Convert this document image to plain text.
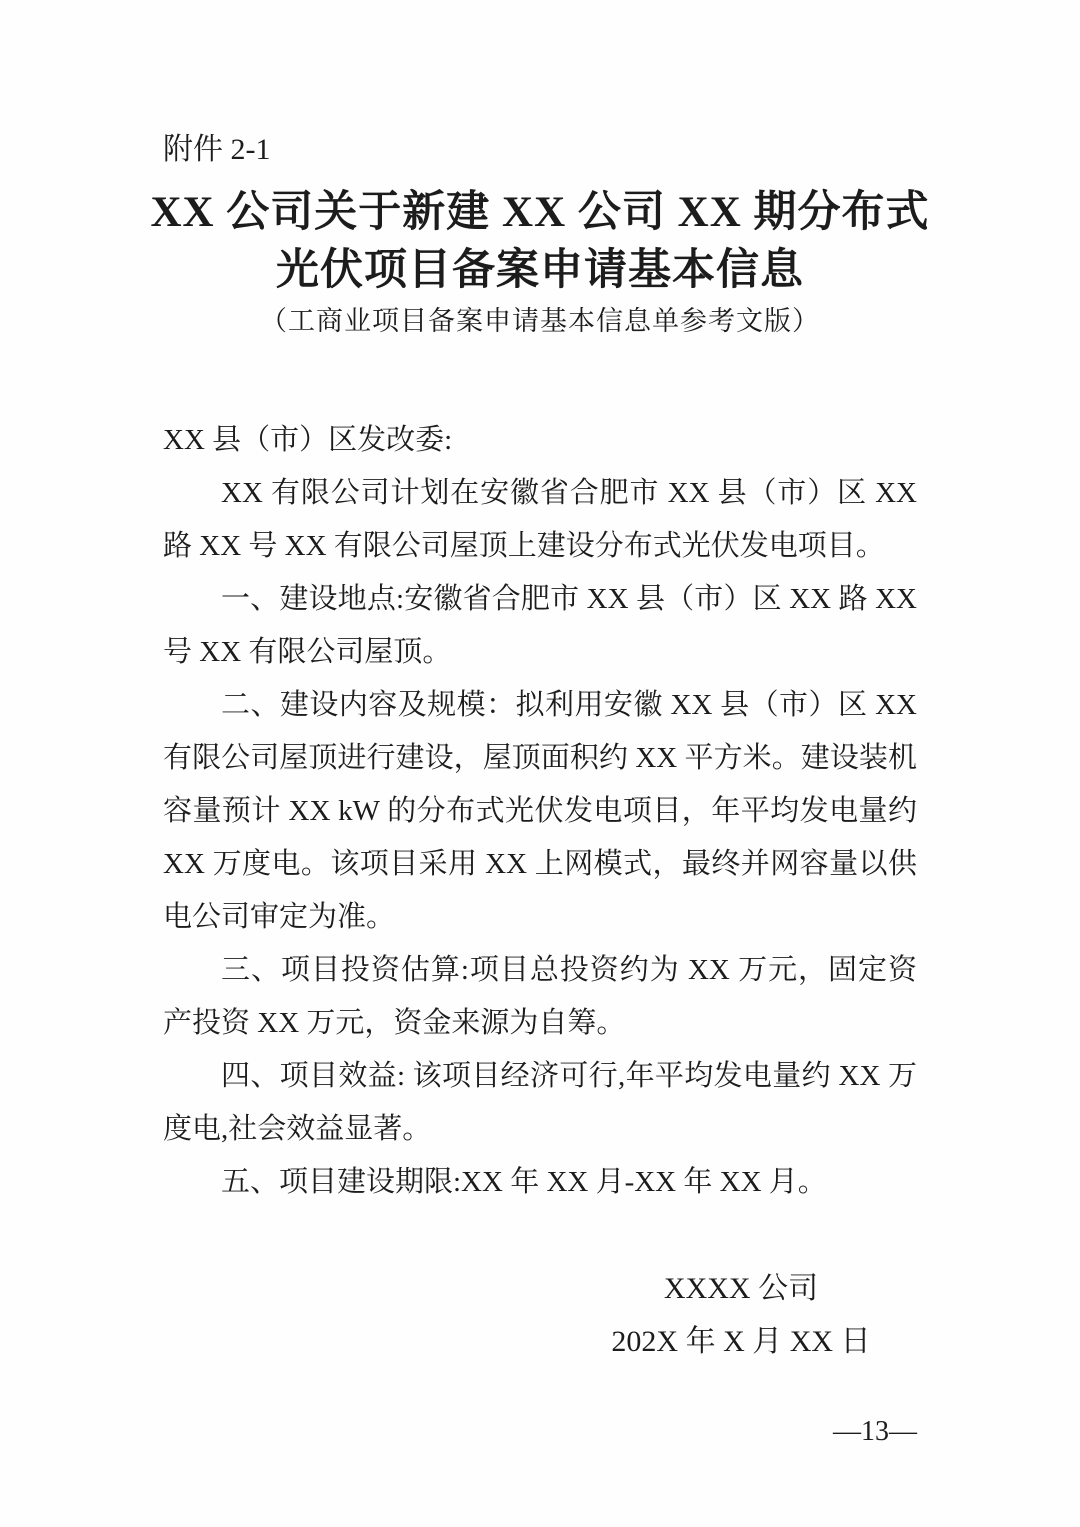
附件 2-1
XX 公司关于新建 XX 公司 XX 期分布式
光伏项目备案申请基本信息
（工商业项目备案申请基本信息单参考文版）

XX 县（市）区发改委:

XX 有限公司计划在安徽省合肥市 XX 县（市）区 XX 路 XX 号 XX 有限公司屋顶上建设分布式光伏发电项目。

一、建设地点:安徽省合肥市 XX 县（市）区 XX 路 XX 号 XX 有限公司屋顶。

二、建设内容及规模：拟利用安徽 XX 县（市）区 XX 有限公司屋顶进行建设，屋顶面积约 XX 平方米。建设装机容量预计 XX kW 的分布式光伏发电项目，年平均发电量约 XX 万度电。该项目采用 XX 上网模式，最终并网容量以供电公司审定为准。

三、项目投资估算:项目总投资约为 XX 万元，固定资产投资 XX 万元，资金来源为自筹。

四、项目效益: 该项目经济可行,年平均发电量约 XX 万度电,社会效益显著。

五、项目建设期限:XX 年 XX 月-XX 年 XX 月。

XXXX 公司
202X 年 X 月 XX 日
—13—
